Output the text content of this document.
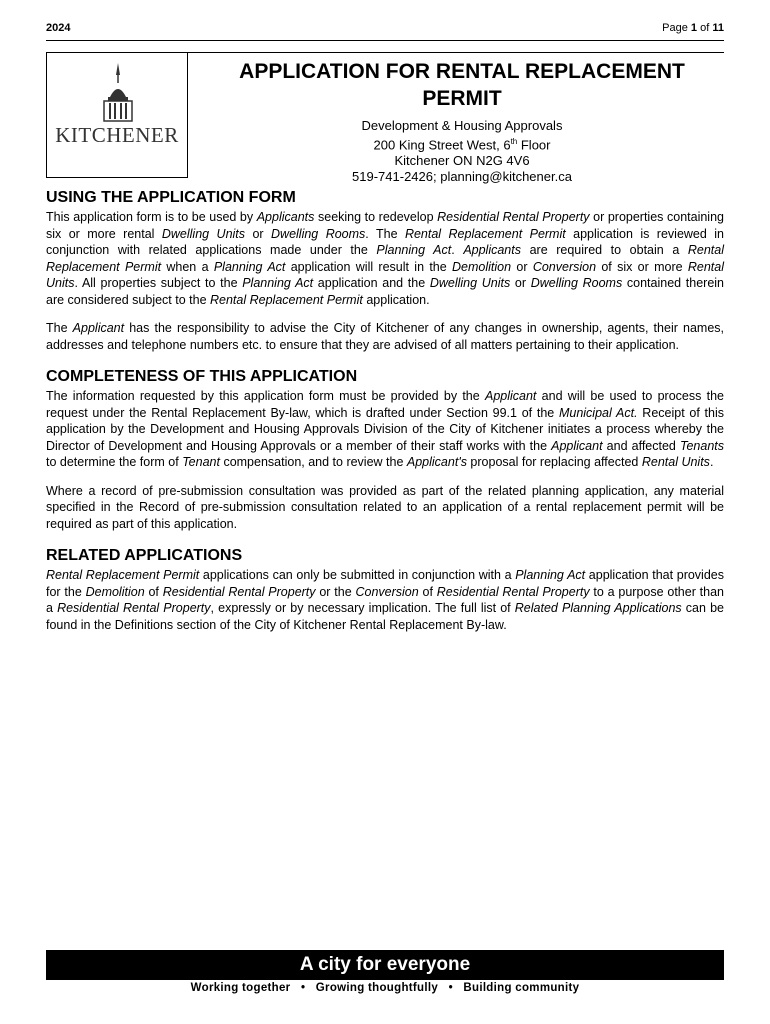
2024	Page 1 of 11
KITCHENER
APPLICATION FOR RENTAL REPLACEMENT
PERMIT
Development & Housing Approvals
200 King Street West, 6th Floor
Kitchener ON N2G 4V6
519-741-2426; planning@kitchener.ca
USING THE APPLICATION FORM

This application form is to be used by Applicants seeking to redevelop Residential Rental Property or properties containing six or more rental Dwelling Units or Dwelling Rooms. The Rental Replacement Permit application is reviewed in conjunction with related applications made under the Planning Act. Applicants are required to obtain a Rental Replacement Permit when a Planning Act application will result in the Demolition or Conversion of six or more Rental Units. All properties subject to the Planning Act application and the Dwelling Units or Dwelling Rooms contained therein are considered subject to the Rental Replacement Permit application.

The Applicant has the responsibility to advise the City of Kitchener of any changes in ownership, agents, their names, addresses and telephone numbers etc. to ensure that they are advised of all matters pertaining to their application.

COMPLETENESS OF THIS APPLICATION

The information requested by this application form must be provided by the Applicant and will be used to process the request under the Rental Replacement By-law, which is drafted under Section 99.1 of the Municipal Act. Receipt of this application by the Development and Housing Approvals Division of the City of Kitchener initiates a process whereby the Director of Development and Housing Approvals or a member of their staff works with the Applicant and affected Tenants to determine the form of Tenant compensation, and to review the Applicant's proposal for replacing affected Rental Units.

Where a record of pre-submission consultation was provided as part of the related planning application, any material specified in the Record of pre-submission consultation related to an application of a rental replacement permit will be required as part of this application.

RELATED APPLICATIONS

Rental Replacement Permit applications can only be submitted in conjunction with a Planning Act application that provides for the Demolition of Residential Rental Property or the Conversion of Residential Rental Property to a purpose other than a Residential Rental Property, expressly or by necessary implication. The full list of Related Planning Applications can be found in the Definitions section of the City of Kitchener Rental Replacement By-law.

A city for everyone
Working together • Growing thoughtfully • Building community
